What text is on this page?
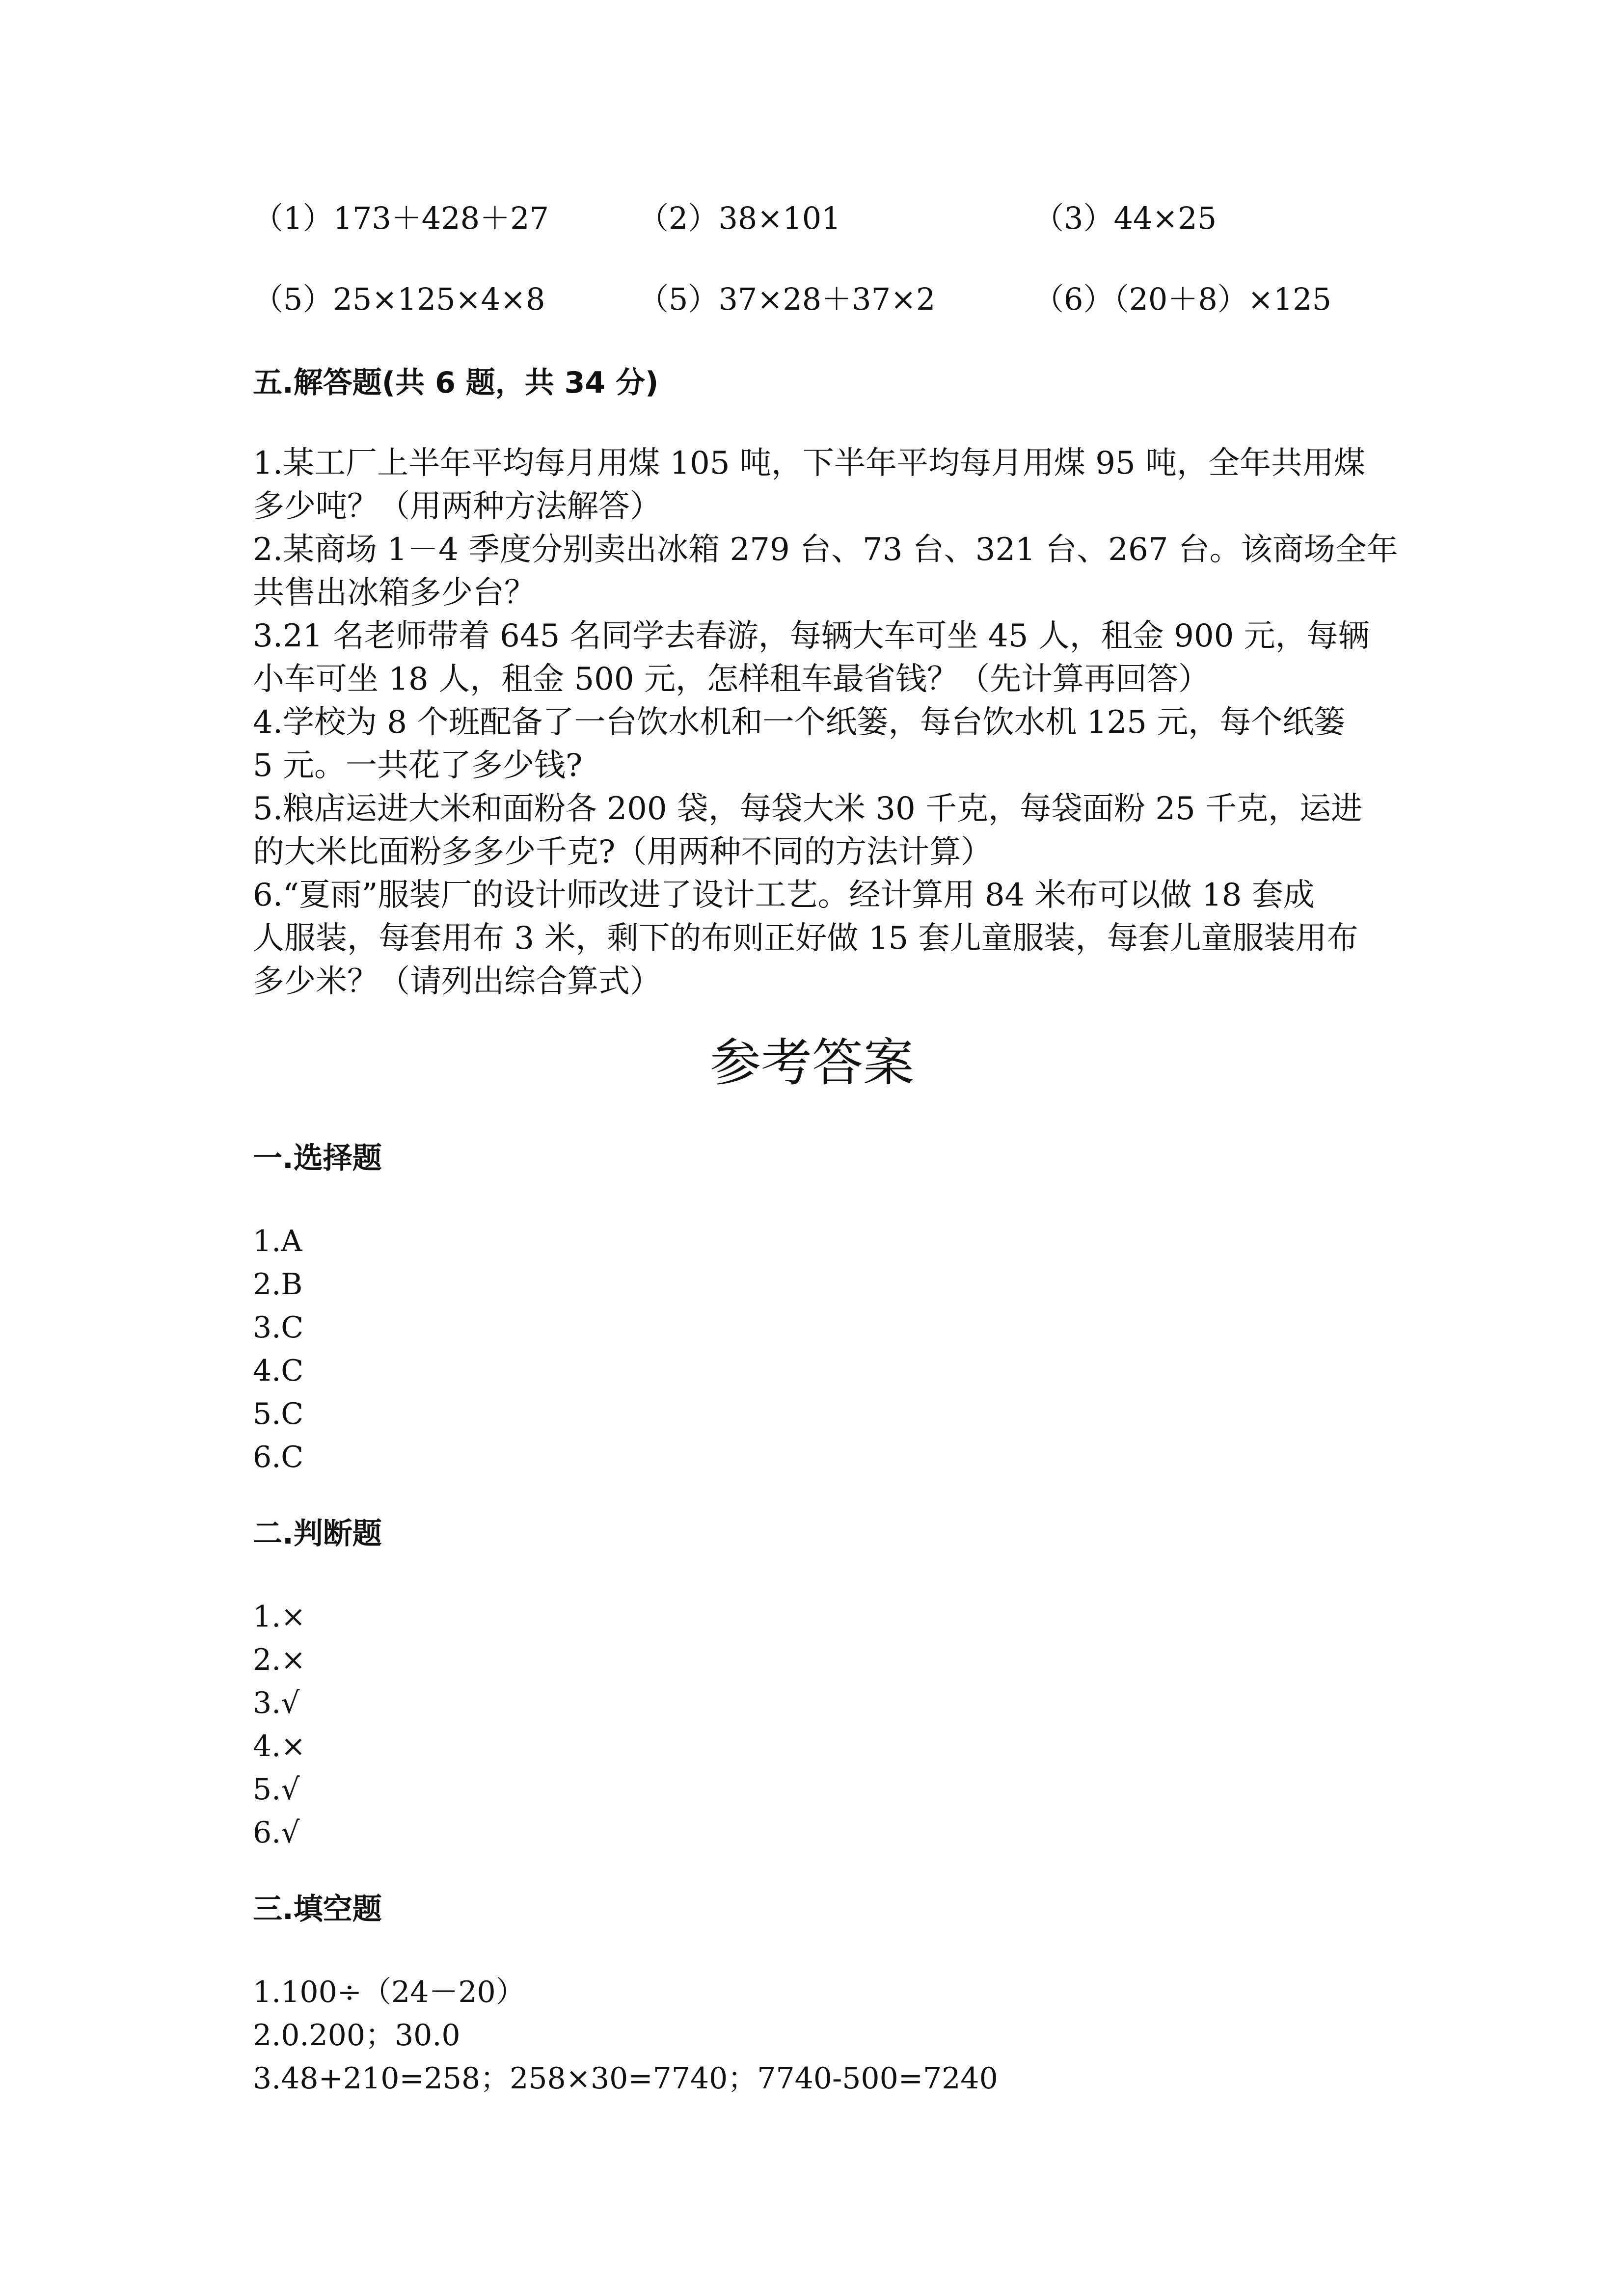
（1）173＋428＋27	（2）38×101	（3）44×25
（5）25×125×4×8	（5）37×28＋37×2	（6）（20＋8）×125
五.解答题(共 6 题，共 34 分)
1.某工厂上半年平均每月用煤 105 吨，下半年平均每月用煤 95 吨，全年共用煤
多少吨？（用两种方法解答）
2.某商场 1－4 季度分别卖出冰箱 279 台、73 台、321 台、267 台。该商场全年
共售出冰箱多少台？
3.21 名老师带着 645 名同学去春游，每辆大车可坐 45 人，租金 900 元，每辆
小车可坐 18 人，租金 500 元，怎样租车最省钱？（先计算再回答）
4.学校为 8 个班配备了一台饮水机和一个纸篓，每台饮水机 125 元，每个纸篓
5 元。一共花了多少钱?
5.粮店运进大米和面粉各 200 袋，每袋大米 30 千克，每袋面粉 25 千克，运进
的大米比面粉多多少千克?（用两种不同的方法计算）
6.“夏雨”服装厂的设计师改进了设计工艺。经计算用 84 米布可以做 18 套成
人服装，每套用布 3 米，剩下的布则正好做 15 套儿童服装，每套儿童服装用布
多少米？（请列出综合算式）
参考答案
一.选择题
1.A
2.B
3.C
4.C
5.C
6.C
二.判断题
1.×
2.×
3.√
4.×
5.√
6.√
三.填空题
1.100÷（24－20）
2.0.200；30.0
3.48+210=258；258×30=7740；7740-500=7240
